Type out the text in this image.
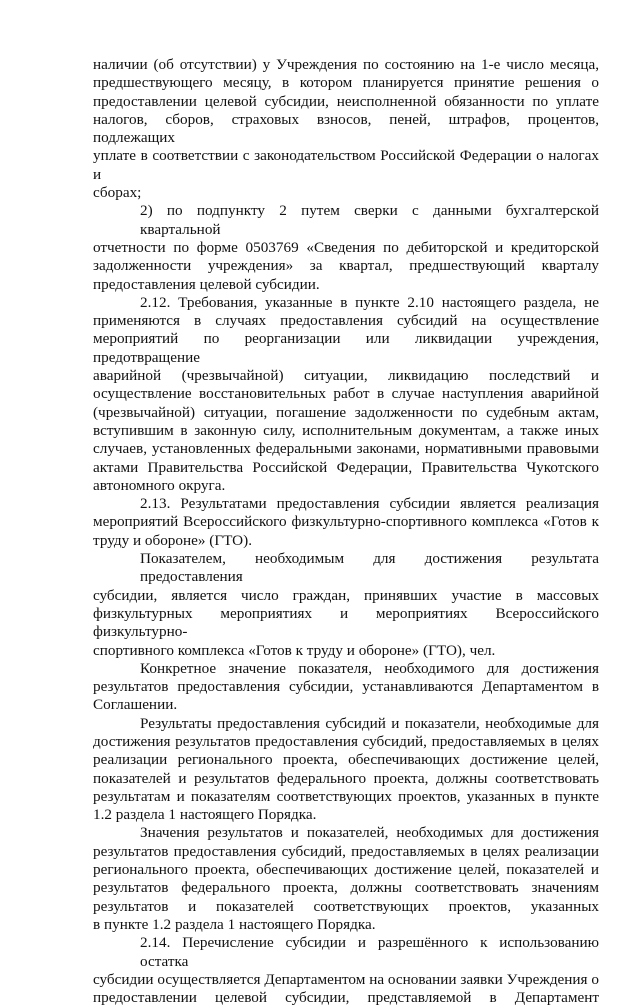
наличии (об отсутствии) у Учреждения по состоянию на 1-е число месяца,
предшествующего месяцу, в котором планируется принятие решения о
предоставлении целевой субсидии, неисполненной обязанности по уплате
налогов, сборов, страховых взносов, пеней, штрафов, процентов, подлежащих
уплате в соответствии с законодательством Российской Федерации о налогах и
сборах;

2) по подпункту 2 путем сверки с данными бухгалтерской квартальной
отчетности по форме 0503769 «Сведения по дебиторской и кредиторской
задолженности учреждения» за квартал, предшествующий кварталу
предоставления целевой субсидии.

2.12. Требования, указанные в пункте 2.10 настоящего раздела, не
применяются в случаях предоставления субсидий на осуществление
мероприятий по реорганизации или ликвидации учреждения, предотвращение
аварийной (чрезвычайной) ситуации, ликвидацию последствий и
осуществление восстановительных работ в случае наступления аварийной
(чрезвычайной) ситуации, погашение задолженности по судебным актам,
вступившим в законную силу, исполнительным документам, а также иных
случаев, установленных федеральными законами, нормативными правовыми
актами Правительства Российской Федерации, Правительства Чукотского
автономного округа.

2.13. Результатами предоставления субсидии является реализация
мероприятий Всероссийского физкультурно-спортивного комплекса «Готов к
труду и обороне» (ГТО).

Показателем, необходимым для достижения результата предоставления
субсидии, является число граждан, принявших участие в массовых
физкультурных мероприятиях и мероприятиях Всероссийского физкультурно-
спортивного комплекса «Готов к труду и обороне» (ГТО), чел.

Конкретное значение показателя, необходимого для достижения
результатов предоставления субсидии, устанавливаются Департаментом в
Соглашении.

Результаты предоставления субсидий и показатели, необходимые для
достижения результатов предоставления субсидий, предоставляемых в целях
реализации регионального проекта, обеспечивающих достижение целей,
показателей и результатов федерального проекта, должны соответствовать
результатам и показателям соответствующих проектов, указанных в пункте
1.2 раздела 1 настоящего Порядка.

Значения результатов и показателей, необходимых для достижения
результатов предоставления субсидий, предоставляемых в целях реализации
регионального проекта, обеспечивающих достижение целей, показателей и
результатов федерального проекта, должны соответствовать значениям
результатов и показателей соответствующих проектов, указанных
в пункте 1.2 раздела 1 настоящего Порядка.

2.14. Перечисление субсидии и разрешённого к использованию остатка
субсидии осуществляется Департаментом на основании заявки Учреждения о
предоставлении целевой субсидии, представляемой в Департамент
